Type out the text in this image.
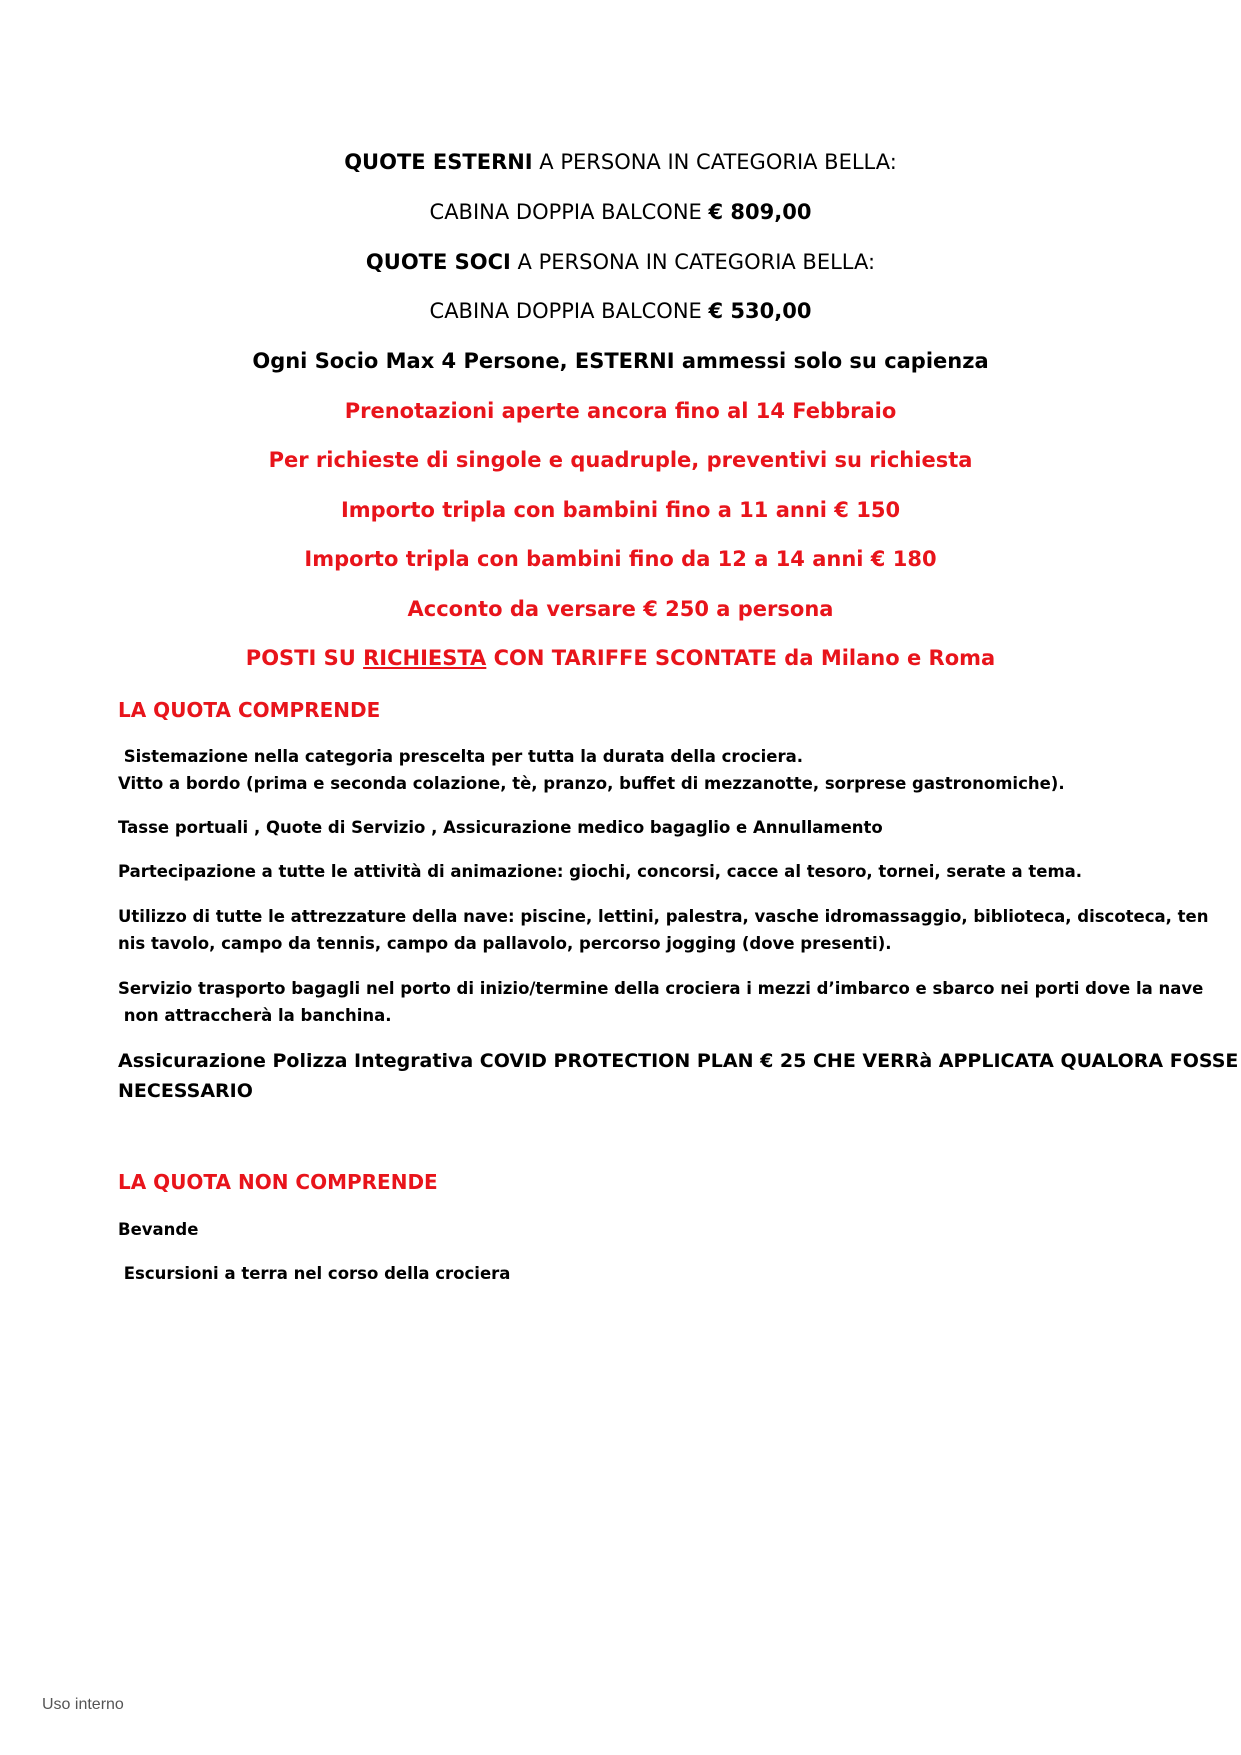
QUOTE ESTERNI A PERSONA IN CATEGORIA BELLA:
CABINA DOPPIA BALCONE € 809,00
QUOTE SOCI A PERSONA IN CATEGORIA BELLA:
CABINA DOPPIA BALCONE € 530,00
Ogni Socio Max 4 Persone, ESTERNI ammessi solo su capienza
Prenotazioni aperte ancora fino al 14 Febbraio
Per richieste di singole e quadruple, preventivi su richiesta
Importo tripla con bambini fino a 11 anni € 150
Importo tripla con bambini fino da 12 a 14 anni € 180
Acconto da versare € 250 a persona
POSTI SU RICHIESTA CON TARIFFE SCONTATE da Milano e Roma
LA QUOTA COMPRENDE
Sistemazione nella categoria prescelta per tutta la durata della crociera.
Vitto a bordo (prima e seconda colazione, tè, pranzo, buffet di mezzanotte, sorprese gastronomiche).
Tasse portuali , Quote di Servizio , Assicurazione medico bagaglio e Annullamento
Partecipazione a tutte le attività di animazione: giochi, concorsi, cacce al tesoro, tornei, serate a tema.
Utilizzo di tutte le attrezzature della nave: piscine, lettini, palestra, vasche idromassaggio, biblioteca, discoteca, ten
nis tavolo, campo da tennis, campo da pallavolo, percorso jogging (dove presenti).
Servizio trasporto bagagli nel porto di inizio/termine della crociera i mezzi d’imbarco e sbarco nei porti dove la nave
non attraccherà la banchina.
Assicurazione Polizza Integrativa COVID PROTECTION PLAN € 25 CHE VERRà APPLICATA QUALORA FOSSE
NECESSARIO
LA QUOTA NON COMPRENDE
Bevande
Escursioni a terra nel corso della crociera
Uso interno
